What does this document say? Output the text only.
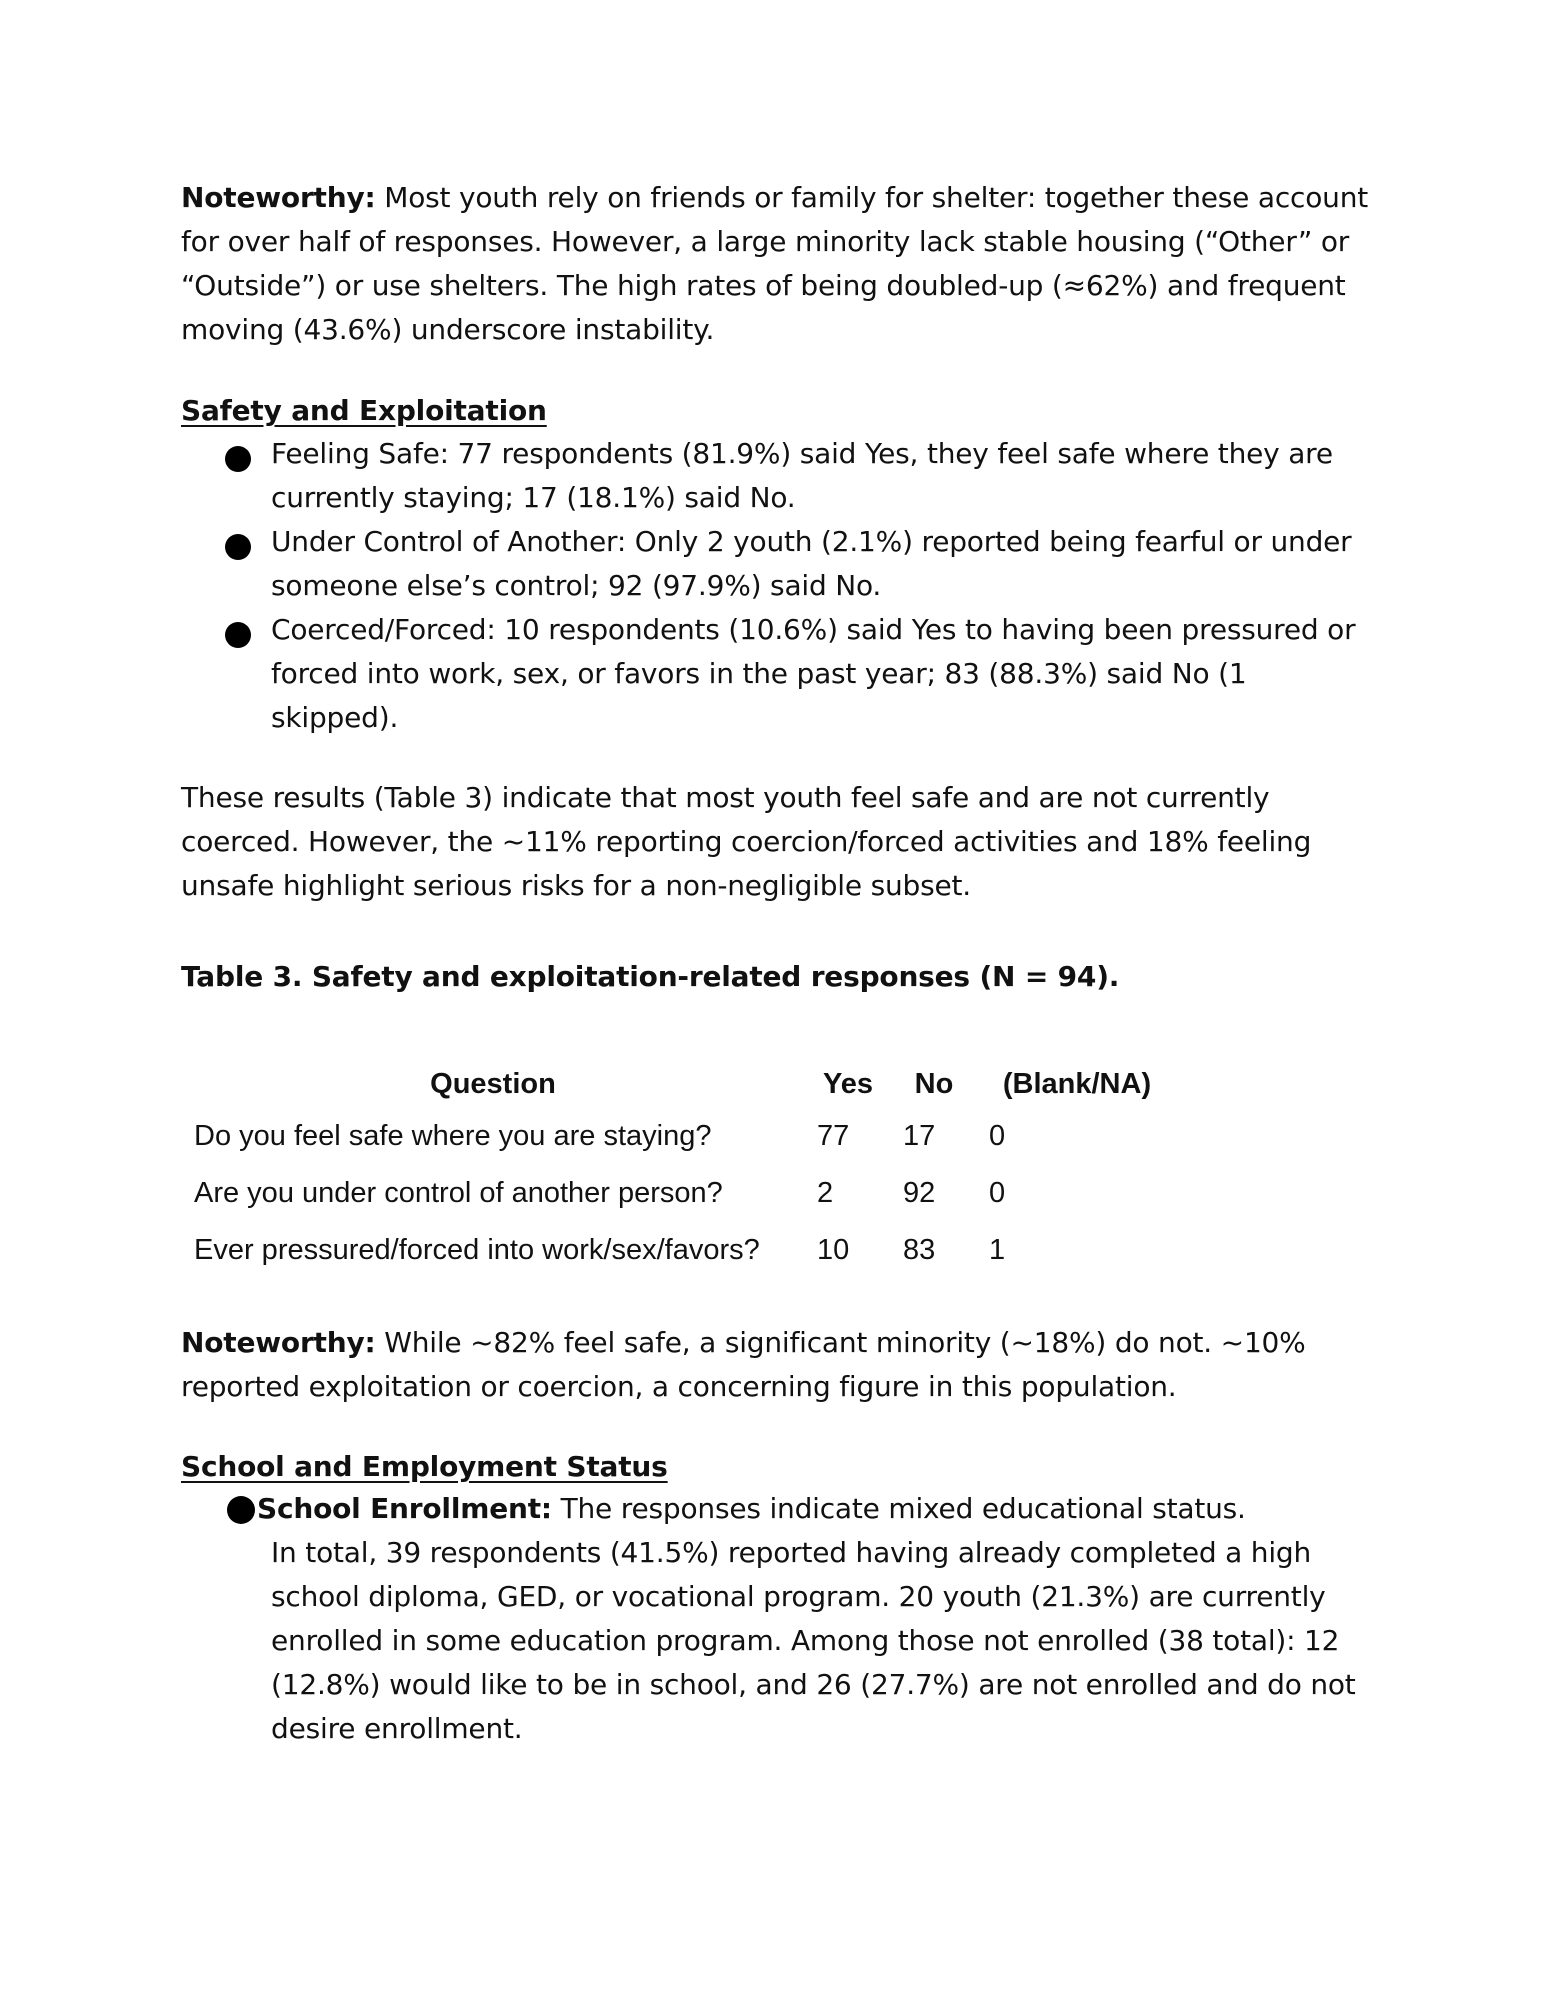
Noteworthy: Most youth rely on friends or family for shelter: together these account for over half of responses. However, a large minority lack stable housing (“Other” or “Outside”) or use shelters. The high rates of being doubled-up (≈62%) and frequent moving (43.6%) underscore instability.

Safety and Exploitation
Feeling Safe: 77 respondents (81.9%) said Yes, they feel safe where they are currently staying; 17 (18.1%) said No.
Under Control of Another: Only 2 youth (2.1%) reported being fearful or under someone else’s control; 92 (97.9%) said No.
Coerced/Forced: 10 respondents (10.6%) said Yes to having been pressured or forced into work, sex, or favors in the past year; 83 (88.3%) said No (1 skipped).

These results (Table 3) indicate that most youth feel safe and are not currently coerced. However, the ~11% reporting coercion/forced activities and 18% feeling unsafe highlight serious risks for a non-negligible subset.

Table 3. Safety and exploitation-related responses (N = 94).
Question	Yes	No	(Blank/NA)
Do you feel safe where you are staying?	77	17	0
Are you under control of another person?	2	92	0
Ever pressured/forced into work/sex/favors?	10	83	1

Noteworthy: While ~82% feel safe, a significant minority (~18%) do not. ~10% reported exploitation or coercion, a concerning figure in this population.

School and Employment Status
School Enrollment: The responses indicate mixed educational status.
In total, 39 respondents (41.5%) reported having already completed a high school diploma, GED, or vocational program. 20 youth (21.3%) are currently enrolled in some education program. Among those not enrolled (38 total): 12 (12.8%) would like to be in school, and 26 (27.7%) are not enrolled and do not desire enrollment.
